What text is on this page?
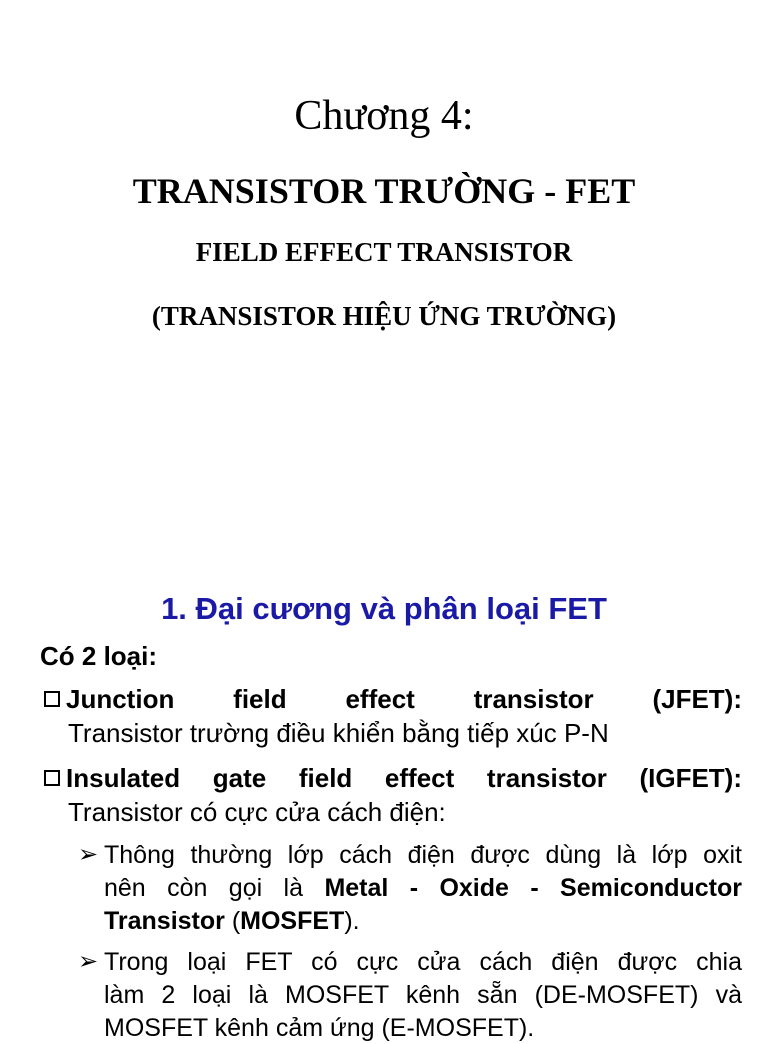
Chương 4:
TRANSISTOR TRƯỜNG - FET
FIELD EFFECT TRANSISTOR
(TRANSISTOR HIỆU ỨNG TRƯỜNG)
1. Đại cương và phân loại FET
Có 2 loại:
Junction field effect transistor (JFET):
Transistor trường điều khiển bằng tiếp xúc P-N
Insulated gate field effect transistor (IGFET):
Transistor có cực cửa cách điện:
➢ Thông thường lớp cách điện được dùng là lớp oxit
nên còn gọi là Metal - Oxide - Semiconductor
Transistor (MOSFET).
➢ Trong loại FET có cực cửa cách điện được chia
làm 2 loại là MOSFET kênh sẵn (DE-MOSFET) và
MOSFET kênh cảm ứng (E-MOSFET).
